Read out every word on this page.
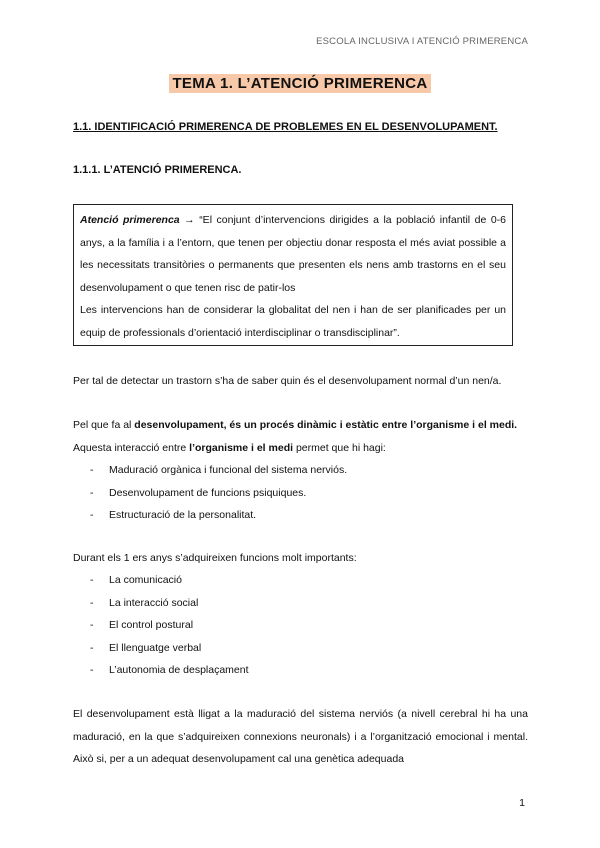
ESCOLA INCLUSIVA I ATENCIÓ PRIMERENCA
TEMA 1. L’ATENCIÓ PRIMERENCA
1.1. IDENTIFICACIÓ PRIMERENCA DE PROBLEMES EN EL DESENVOLUPAMENT.
1.1.1. L’ATENCIÓ PRIMERENCA.

Atenció primerenca → “El conjunt d’intervencions dirigides a la població infantil de 0-6 anys, a la família i a l’entorn, que tenen per objectiu donar resposta el més aviat possible a les necessitats transitòries o permanents que presenten els nens amb trastorns en el seu desenvolupament o que tenen risc de patir-los

Les intervencions han de considerar la globalitat del nen i han de ser planificades per un equip de professionals d’orientació interdisciplinar o transdisciplinar”.

Per tal de detectar un trastorn s’ha de saber quin és el desenvolupament normal d’un nen/a.

Pel que fa al desenvolupament, és un procés dinàmic i estàtic entre l’organisme i el medi.

Aquesta interacció entre l’organisme i el medi permet que hi hagi:

-	Maduració orgànica i funcional del sistema nerviós.
-	Desenvolupament de funcions psiquiques.
-	Estructuració de la personalitat.

Durant els 1 ers anys s’adquireixen funcions molt importants:

-	La comunicació
-	La interacció social
-	El control postural
-	El llenguatge verbal
-	L’autonomia de desplaçament

El desenvolupament està lligat a la maduració del sistema nerviós (a nivell cerebral hi ha una maduració, en la que s’adquireixen connexions neuronals) i a l’organització emocional i mental. Això si, per a un adequat desenvolupament cal una genètica adequada

1
